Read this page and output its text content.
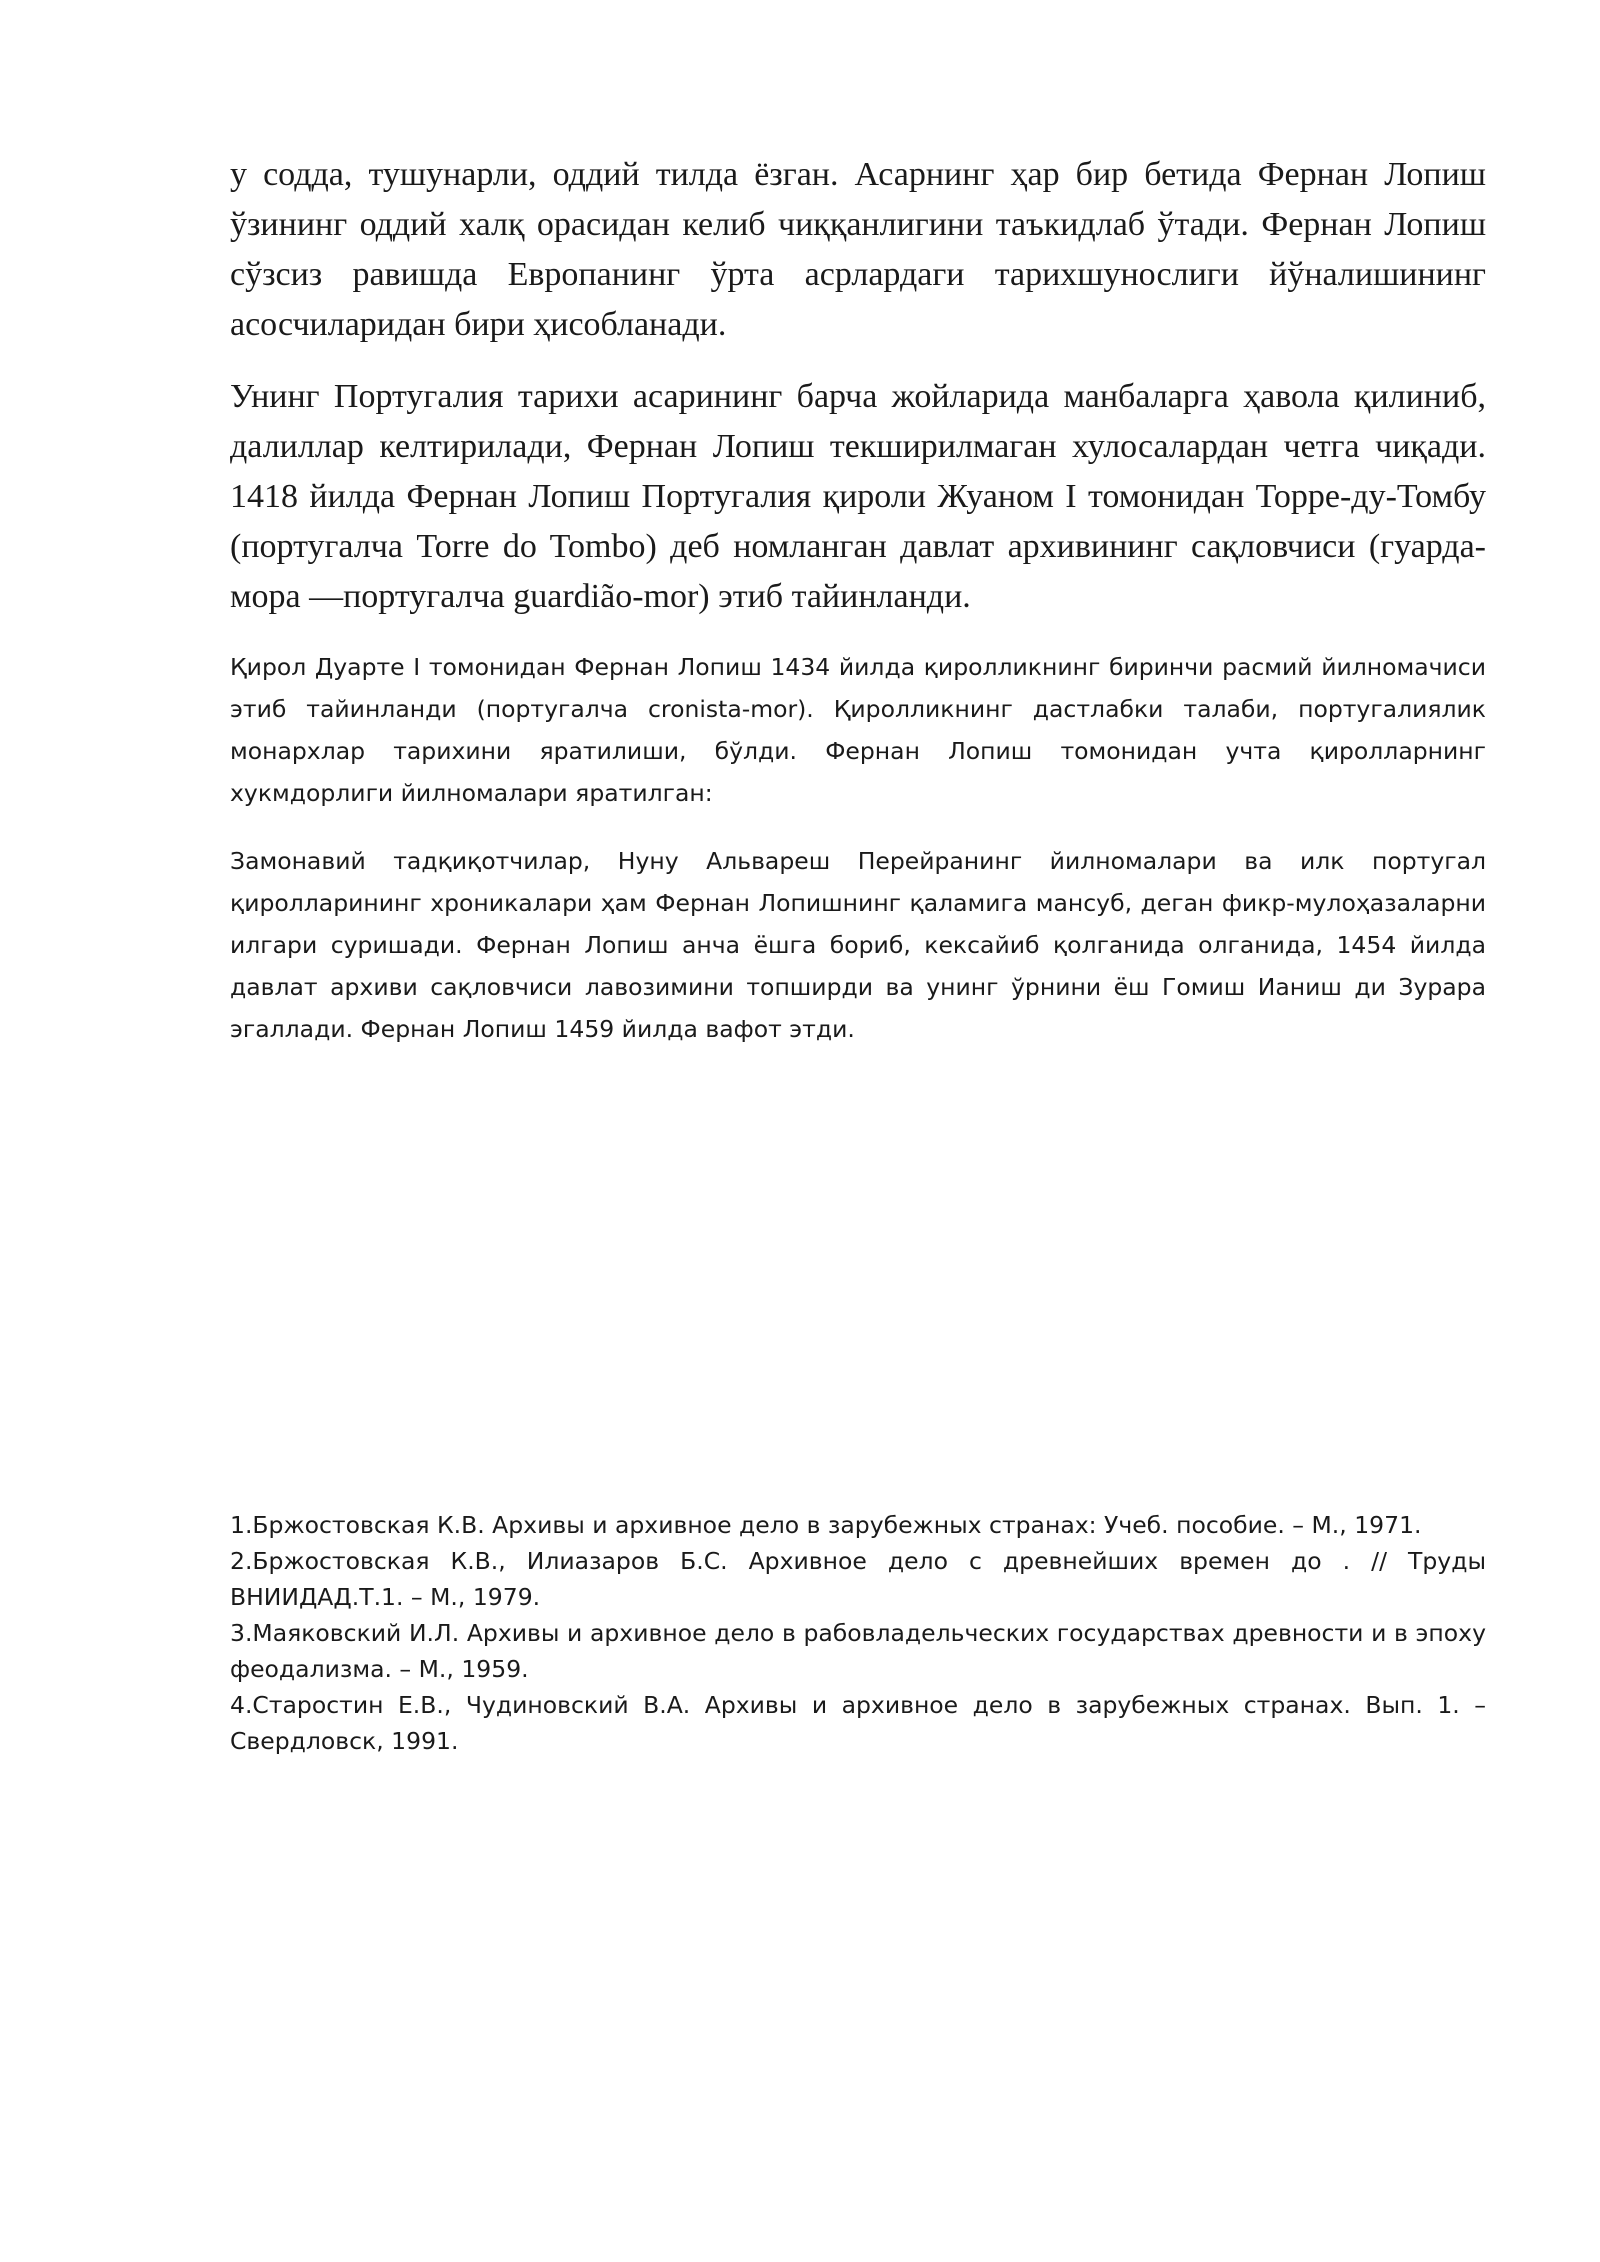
у содда, тушунарли, оддий тилда ёзган. Асарнинг ҳар бир бетида Фернан Лопиш ўзининг оддий халқ орасидан келиб чиққанлигини таъкидлаб ўтади. Фернан Лопиш сўзсиз равишда Европанинг ўрта асрлардаги тарихшунослиги йўналишининг асосчиларидан бири ҳисобланади.

Унинг Португалия тарихи асарининг барча жойларида манбаларга ҳавола қилиниб, далиллар келтирилади, Фернан Лопиш текширилмаган хулосалардан четга чиқади. 1418 йилда Фернан Лопиш Португалия қироли Жуаном I томонидан Торре-ду-Томбу (португалча Torre do Tombo) деб номланган давлат архивининг сақловчиси (гуарда-мора —португалча guardião-mor) этиб тайинланди.

Қирол Дуарте I томонидан Фернан Лопиш 1434 йилда қиролликнинг биринчи расмий йилномачиси этиб тайинланди (португалча cronista-mor). Қиролликнинг дастлабки талаби, португалиялик монархлар тарихини яратилиши, бўлди. Фернан Лопиш томонидан учта қиролларнинг хукмдорлиги йилномалари яратилган:

Замонавий тадқиқотчилар, Нуну Альвареш Перейранинг йилномалари ва илк португал қиролларининг хроникалари ҳам Фернан Лопишнинг қаламига мансуб, деган фикр-мулоҳазаларни илгари суришади. Фернан Лопиш анча ёшга бориб, кексайиб қолганида олганида, 1454 йилда давлат архиви сақловчиси лавозимини топширди ва унинг ўрнини ёш Гомиш Ианиш ди Зурара эгаллади. Фернан Лопиш 1459 йилда вафот этди.

1.Бржостовская К.В. Архивы и архивное дело в зарубежных странах: Учеб. пособие. – М., 1971.

2.Бржостовская К.В., Илиазаров Б.С. Архивное дело с древнейших времен до . // Труды ВНИИДАД.Т.1. – М., 1979.

3.Маяковский И.Л. Архивы и архивное дело в рабовладельческих государствах древности и в эпоху феодализма. – М., 1959.

4.Старостин Е.В., Чудиновский В.А. Архивы и архивное дело в зарубежных странах. Вып. 1. – Свердловск, 1991.
